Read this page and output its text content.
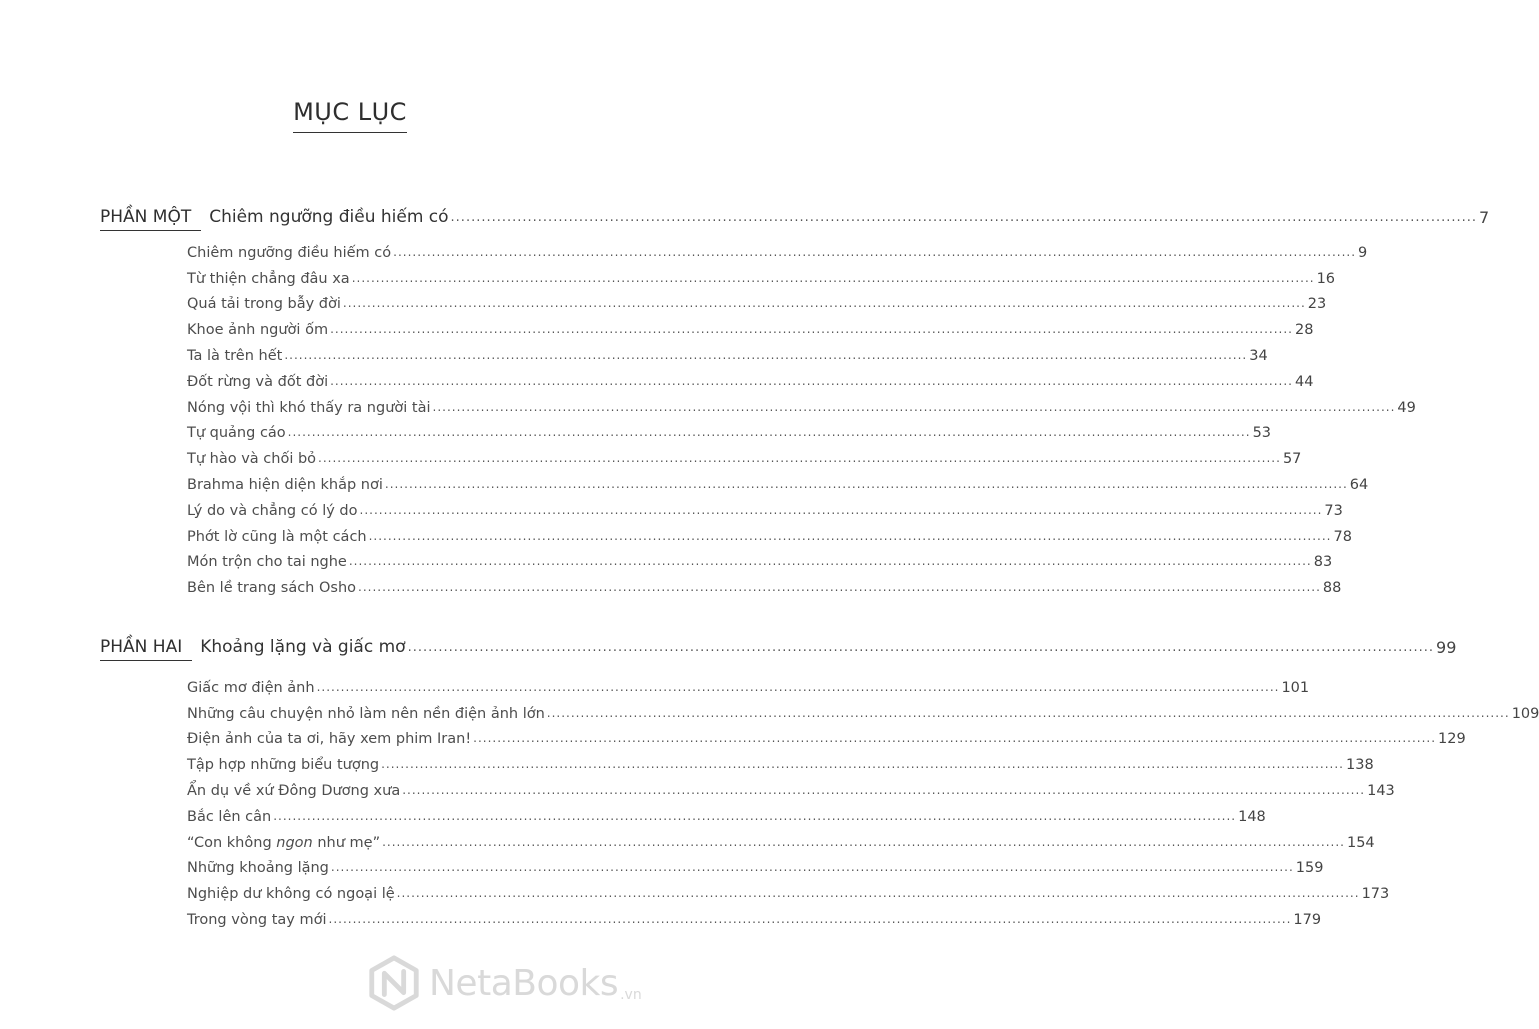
MỤC LỤC
PHẦN MỘT	Chiêm ngưỡng điều hiếm có ........................................................................................................................................................................................................ 7
Chiêm ngưỡng điều hiếm có ........................................................................................................................................................................................................ 9
Từ thiện chẳng đâu xa ........................................................................................................................................................................................................ 16
Quá tải trong bẫy đời ........................................................................................................................................................................................................ 23
Khoe ảnh người ốm ........................................................................................................................................................................................................ 28
Ta là trên hết ........................................................................................................................................................................................................ 34
Đốt rừng và đốt đời ........................................................................................................................................................................................................ 44
Nóng vội thì khó thấy ra người tài ........................................................................................................................................................................................................ 49
Tự quảng cáo ........................................................................................................................................................................................................ 53
Tự hào và chối bỏ ........................................................................................................................................................................................................ 57
Brahma hiện diện khắp nơi ........................................................................................................................................................................................................ 64
Lý do và chẳng có lý do ........................................................................................................................................................................................................ 73
Phớt lờ cũng là một cách ........................................................................................................................................................................................................ 78
Món trộn cho tai nghe ........................................................................................................................................................................................................ 83
Bên lề trang sách Osho ........................................................................................................................................................................................................ 88
PHẦN HAI	Khoảng lặng và giấc mơ ........................................................................................................................................................................................................ 99
Giấc mơ điện ảnh ........................................................................................................................................................................................................ 101
Những câu chuyện nhỏ làm nên nền điện ảnh lớn ........................................................................................................................................................................................................ 109
Điện ảnh của ta ơi, hãy xem phim Iran! ........................................................................................................................................................................................................ 129
Tập hợp những biểu tượng ........................................................................................................................................................................................................ 138
Ẩn dụ về xứ Đông Dương xưa ........................................................................................................................................................................................................ 143
Bắc lên cân ........................................................................................................................................................................................................ 148
“Con không ngon như mẹ” ........................................................................................................................................................................................................ 154
Những khoảng lặng ........................................................................................................................................................................................................ 159
Nghiệp dư không có ngoại lệ ........................................................................................................................................................................................................ 173
Trong vòng tay mới ........................................................................................................................................................................................................ 179
NetaBooks .vn
